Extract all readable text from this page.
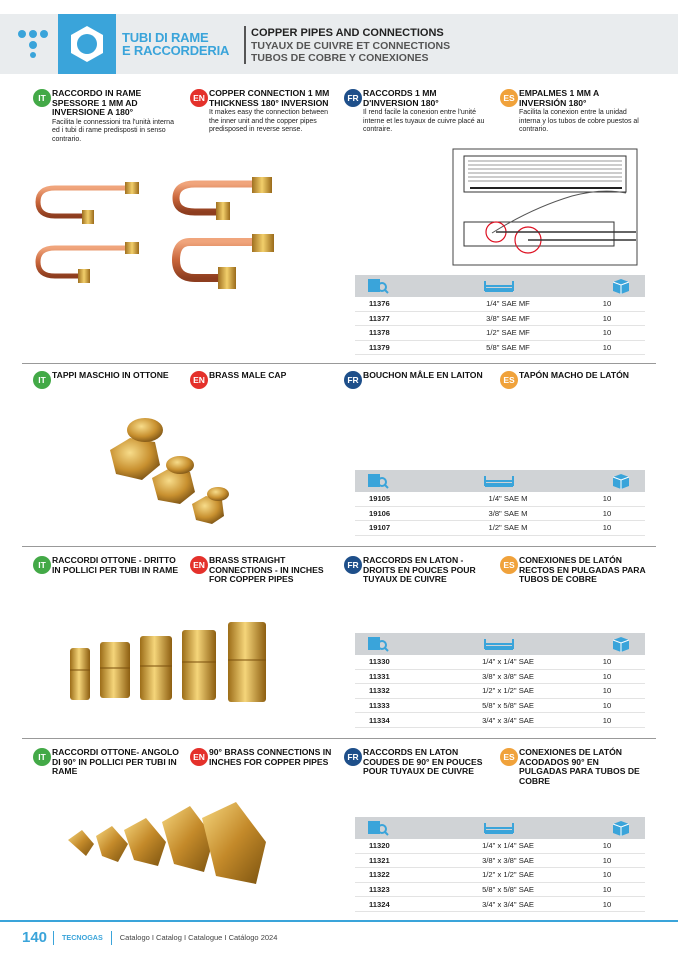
TUBI DI RAME
E RACCORDERIA
COPPER PIPES AND CONNECTIONS
TUYAUX DE CUIVRE ET CONNECTIONS
TUBOS DE COBRE Y CONEXIONES
IT RACCORDO IN RAME SPESSORE 1 MM AD INVERSIONE A 180°
Facilita le connessioni tra l'unità interna ed i tubi di rame predisposti in senso contrario.
EN COPPER CONNECTION 1 MM THICKNESS 180° INVERSION
It makes easy the connection between the inner unit and the copper pipes predisposed in reverse sense.
FR RACCORDS 1 MM D'INVERSION 180°
Il rend facile la conexion entre l'unité interne et les tuyaux de cuivre placé au contraire.
ES EMPALMES 1 MM A INVERSIÓN 180°
Facilita la conexion entre la unidad interna y los tubos de cobre puestos al contrario.
11376	1/4" SAE MF	10
11377	3/8" SAE MF	10
11378	1/2" SAE MF	10
11379	5/8" SAE MF	10
IT TAPPI MASCHIO IN OTTONE	EN BRASS MALE CAP	FR BOUCHON MÂLE EN LAITON	ES TAPÓN MACHO DE LATÓN
19105	1/4" SAE M	10
19106	3/8" SAE M	10
19107	1/2" SAE M	10
IT RACCORDI OTTONE - DRITTO IN POLLICI PER TUBI IN RAME	EN BRASS STRAIGHT CONNECTIONS - IN INCHES FOR COPPER PIPES
FR RACCORDS EN LATON - DROITS EN POUCES POUR TUYAUX DE CUIVRE
ES CONEXIONES DE LATÓN RECTOS EN PULGADAS PARA TUBOS DE COBRE
11330	1/4" x 1/4" SAE	10
11331	3/8" x 3/8" SAE	10
11332	1/2" x 1/2" SAE	10
11333	5/8" x 5/8" SAE	10
11334	3/4" x 3/4" SAE	10
IT RACCORDI OTTONE- ANGOLO DI 90° IN POLLICI PER TUBI IN RAME
EN 90° BRASS CONNECTIONS IN INCHES FOR COPPER PIPES	FR RACCORDS EN LATON COUDES DE 90° EN POUCES POUR TUYAUX DE CUIVRE
ES CONEXIONES DE LATÓN ACODADOS 90° EN PULGADAS PARA TUBOS DE COBRE
11320	1/4" x 1/4" SAE	10
11321	3/8" x 3/8" SAE	10
11322	1/2" x 1/2" SAE	10
11323	5/8" x 5/8" SAE	10
11324	3/4" x 3/4" SAE	10
140 TECNOGAS Catalogo I Catalog I Catalogue I Catálogo 2024
